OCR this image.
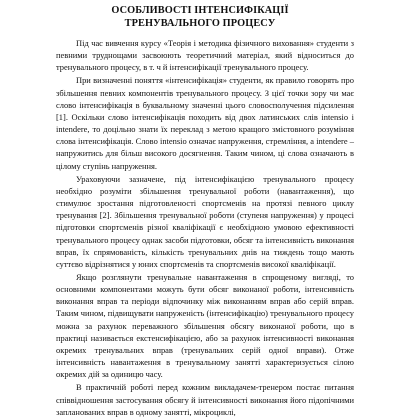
ОСОБЛИВОСТІ ІНТЕНСИФІКАЦІЇ
ТРЕНУВАЛЬНОГО ПРОЦЕСУ

Під час вивчення курсу «Теорія і методика фізичного виховання» студенти з певними труднощами засвоюють теоретичний матеріал, який відноситься до тренувального процесу, в т. ч й інтенсифікації тренувального процесу.

При визначенні поняття «інтенсифікація» студенти, як правило говорять про збільшення певних компонентів тренувального процесу. З цієї точки зору чи має слово інтенсифікація в буквальному значенні цього словосполучення підсилення [1]. Оскільки слово інтенсифікація походить від двох латинських слів intensio і intendere, то доцільно знати їх переклад з метою кращого змістовного розуміння слова інтенсифікація. Слово intensio означає напруження, стремління, а intendere – напружитись для більш високого досягнення. Таким чином, ці слова означають в цілому ступінь напруження.

Ураховуючи зазначене, під інтенсифікацією тренувального процесу необхідно розуміти збільшення тренувальної роботи (навантаження), що стимулює зростання підготовленості спортсменів на протязі певного циклу тренування [2]. Збільшення тренувальної роботи (ступеня напруження) у процесі підготовки спортсменів різної кваліфікації є необхідною умовою ефективності тренувального процесу однак засоби підготовки, обсяг та інтенсивність виконання вправ, їх спрямованість, кількість тренувальних днів на тиждень тощо мають суттєво відрізнятися у юних спортсменів та спортсменів високої кваліфікації.

Якщо розглянути тренувальне навантаження в спрощеному вигляді, то основними компонентами можуть бути обсяг виконаної роботи, інтенсивність виконання вправ та періоди відпочинку між виконанням вправ або серій вправ. Таким чином, підвищувати напруженість (інтенсифікацію) тренувального процесу можна за рахунок переважного збільшення обсягу виконаної роботи, що в практиці називається екстенсифікацією, або за рахунок інтенсивності виконання окремих тренувальних вправ (тренувальних серій одної вправи). Отже інтенсивність навантаження в тренувальному занятті характеризується сілою окремих дій за одиницю часу.

В практичній роботі перед кожним викладачем-тренером постає питання співвідношення застосування обсягу й інтенсивності виконання його підопічними запланованих вправ в одному занятті, мікроциклі,
